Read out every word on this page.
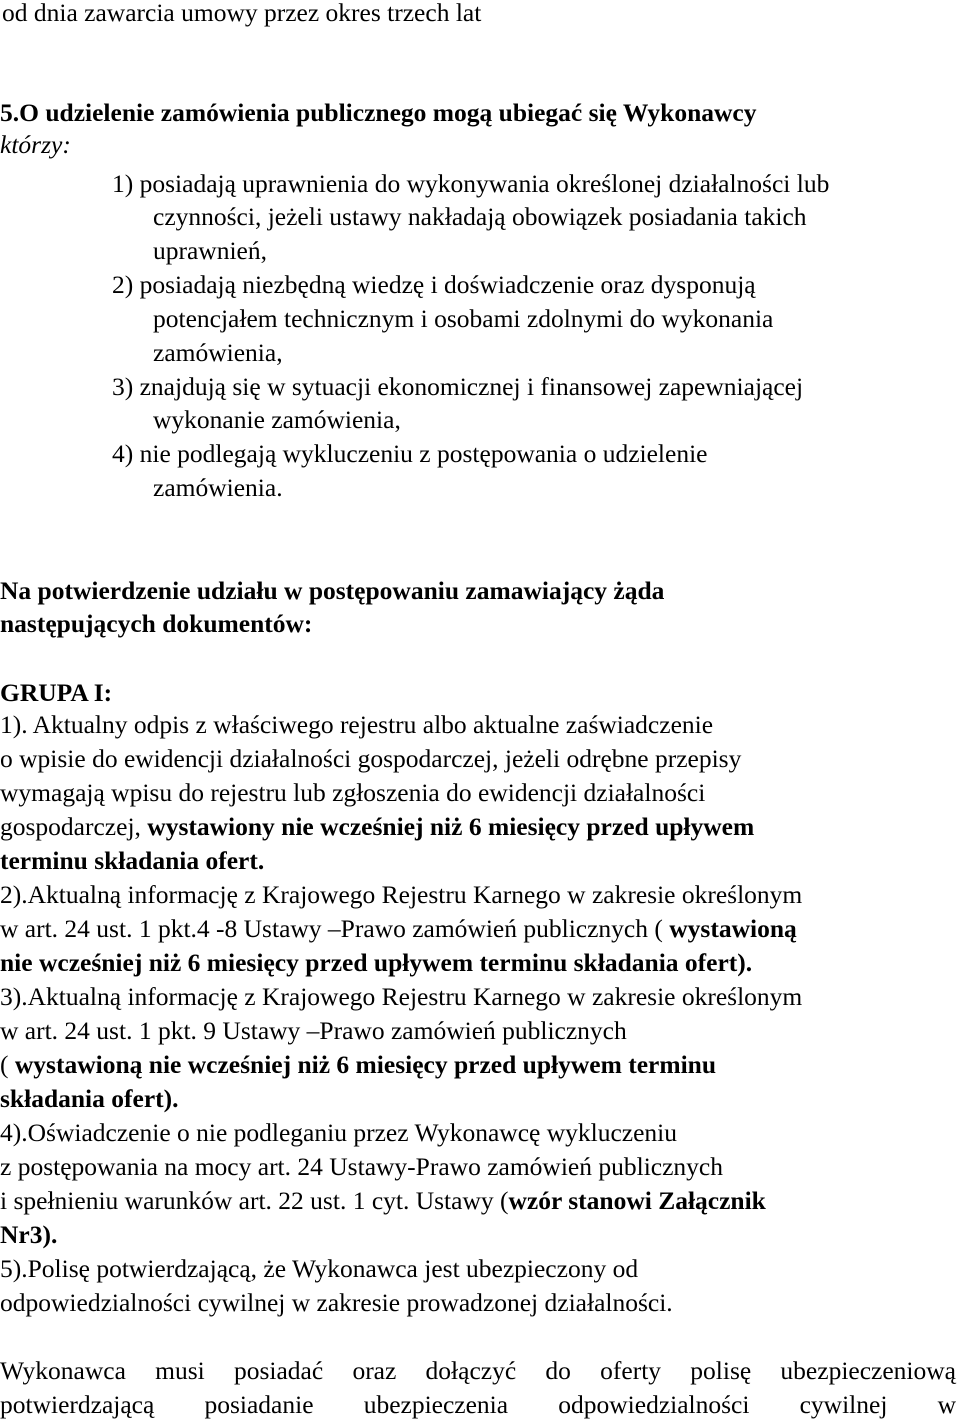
od dnia zawarcia umowy przez okres trzech lat
5.O udzielenie zamówienia publicznego mogą ubiegać się Wykonawcy
którzy:
1) posiadają uprawnienia do wykonywania określonej działalności lub
czynności, jeżeli ustawy nakładają obowiązek posiadania takich
uprawnień,
2) posiadają niezbędną wiedzę i doświadczenie oraz dysponują
potencjałem technicznym i osobami zdolnymi do wykonania
zamówienia,
3) znajdują się w sytuacji ekonomicznej i finansowej zapewniającej
wykonanie zamówienia,
4) nie podlegają wykluczeniu z postępowania o udzielenie
zamówienia.
Na potwierdzenie udziału w postępowaniu zamawiający żąda
następujących dokumentów:
GRUPA I:
1). Aktualny odpis z właściwego rejestru albo aktualne zaświadczenie
o wpisie do ewidencji działalności gospodarczej, jeżeli odrębne przepisy
wymagają wpisu do rejestru lub zgłoszenia do ewidencji działalności
gospodarczej, wystawiony nie wcześniej niż 6 miesięcy przed upływem
terminu składania ofert.
2).Aktualną informację z Krajowego Rejestru Karnego w zakresie określonym
w art. 24 ust. 1 pkt.4 -8 Ustawy –Prawo zamówień publicznych ( wystawioną
nie wcześniej niż 6 miesięcy przed upływem terminu składania ofert).
3).Aktualną informację z Krajowego Rejestru Karnego w zakresie określonym
w art. 24 ust. 1 pkt. 9 Ustawy –Prawo zamówień publicznych
( wystawioną nie wcześniej niż 6 miesięcy przed upływem terminu
składania ofert).
4).Oświadczenie o nie podleganiu przez Wykonawcę wykluczeniu
z postępowania na mocy art. 24 Ustawy-Prawo zamówień publicznych
i spełnieniu warunków art. 22 ust. 1 cyt. Ustawy (wzór stanowi Załącznik
Nr3).
5).Polisę potwierdzającą, że Wykonawca jest ubezpieczony od
odpowiedzialności cywilnej w zakresie prowadzonej działalności.
Wykonawca musi posiadać oraz dołączyć do oferty polisę ubezpieczeniową
potwierdzającą posiadanie ubezpieczenia odpowiedzialności cywilnej w
